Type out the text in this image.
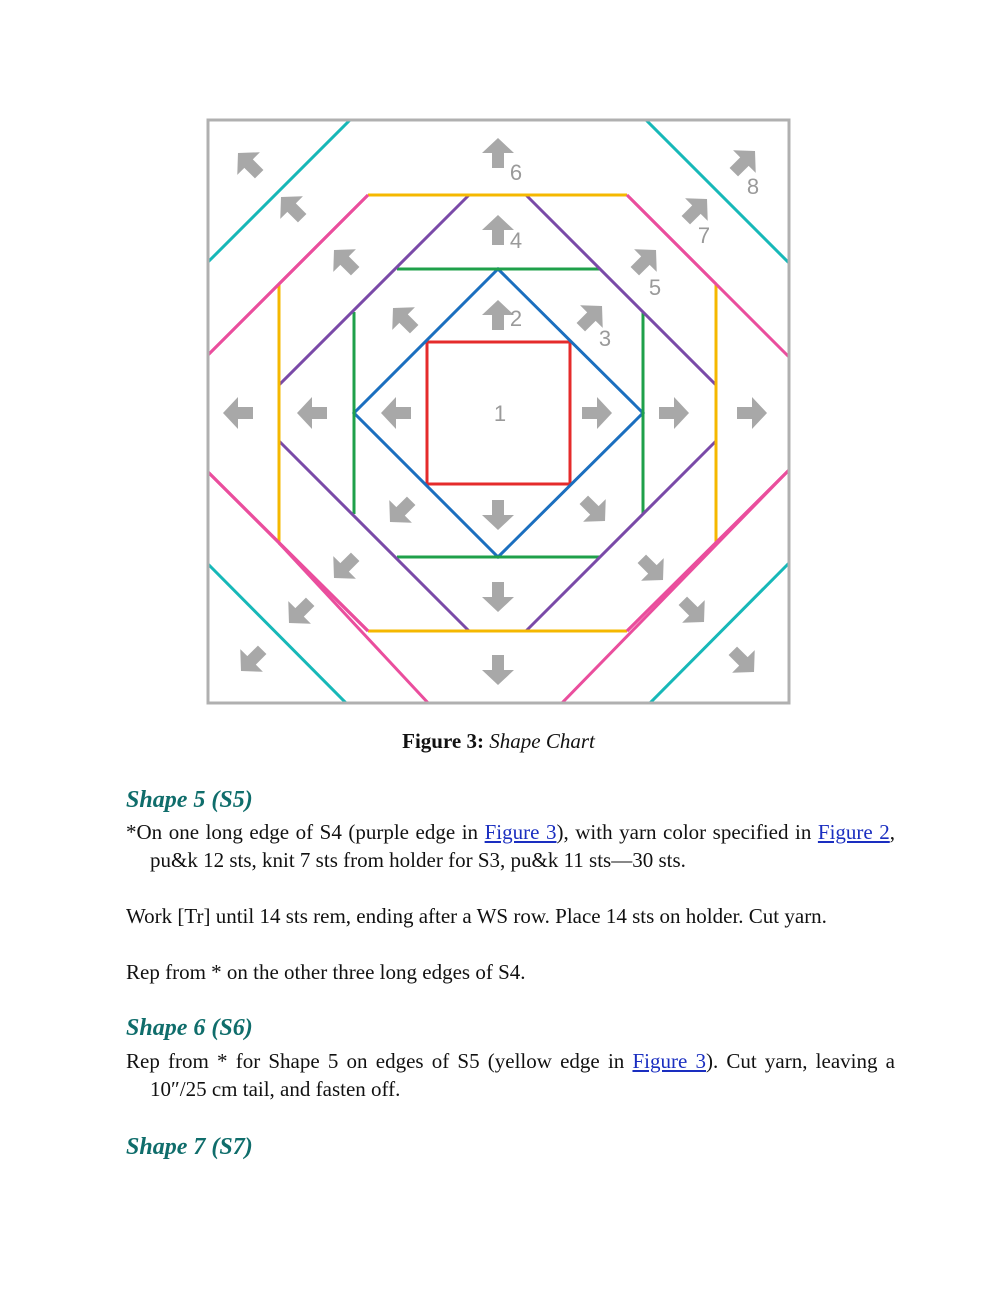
1
2
3
4
5
6
7
8
Figure 3: Shape Chart
Shape 5 (S5)

*On one long edge of S4 (purple edge in Figure 3), with yarn color specified in Figure 2, pu&k 12 sts, knit 7 sts from holder for S3, pu&k 11 sts—30 sts.

Work [Tr] until 14 sts rem, ending after a WS row. Place 14 sts on holder. Cut yarn.

Rep from * on the other three long edges of S4.

Shape 6 (S6)

Rep from * for Shape 5 on edges of S5 (yellow edge in Figure 3). Cut yarn, leaving a 10″/25 cm tail, and fasten off.

Shape 7 (S7)
